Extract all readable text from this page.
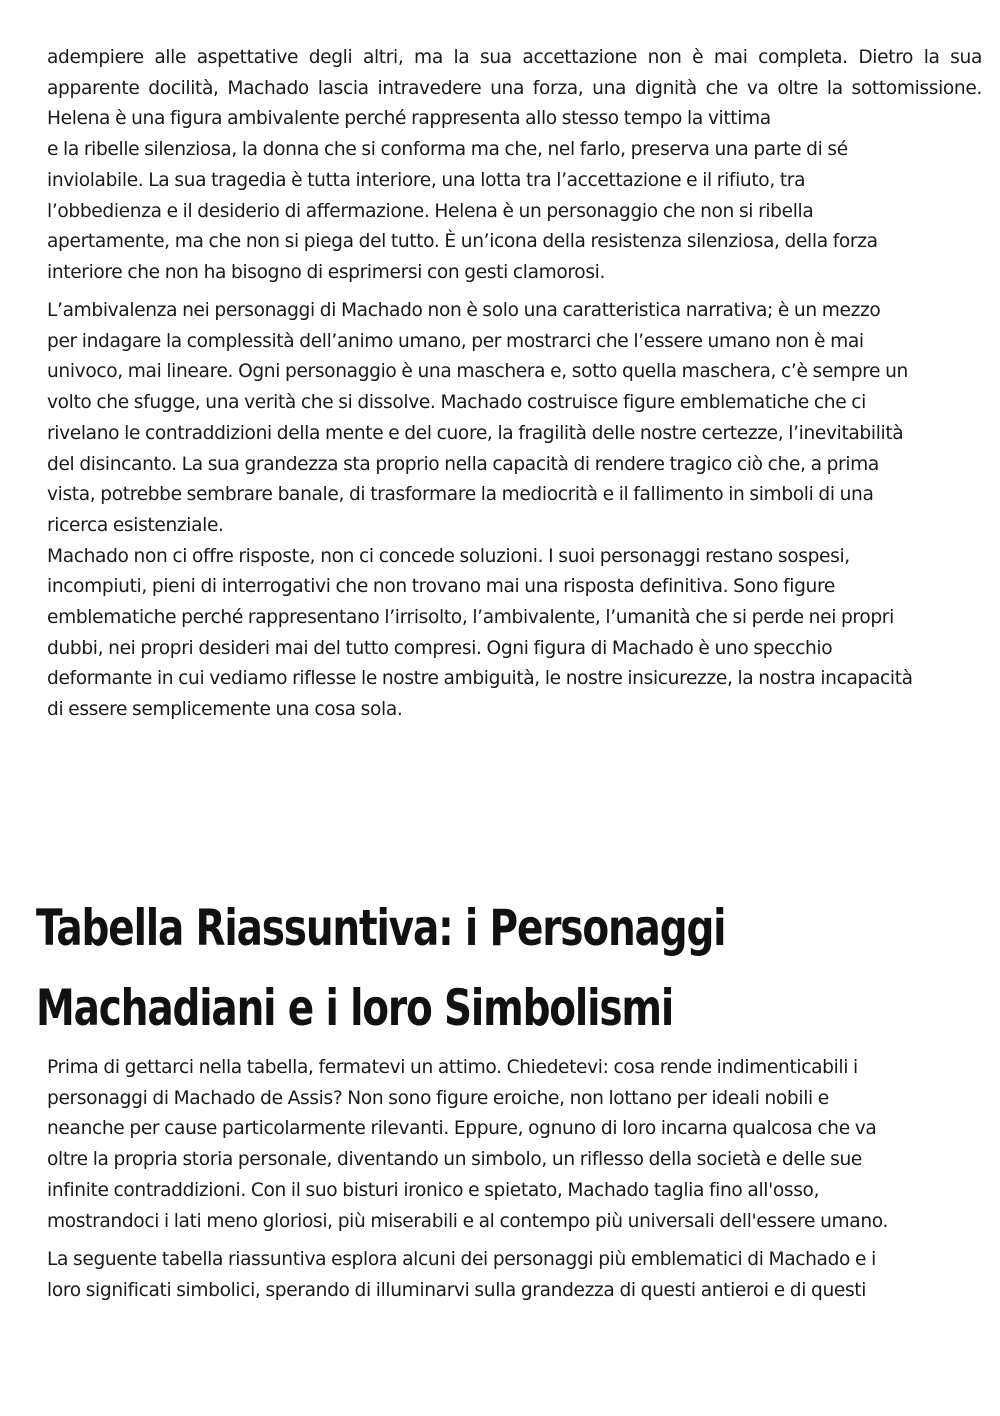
adempiere alle aspettative degli altri, ma la sua accettazione non è mai completa. Dietro la sua
apparente docilità, Machado lascia intravedere una forza, una dignità che va oltre la sottomissione.
Helena è una figura ambivalente perché rappresenta allo stesso tempo la vittima
e la ribelle silenziosa, la donna che si conforma ma che, nel farlo, preserva una parte di sé
inviolabile. La sua tragedia è tutta interiore, una lotta tra l’accettazione e il rifiuto, tra
l’obbedienza e il desiderio di affermazione. Helena è un personaggio che non si ribella
apertamente, ma che non si piega del tutto. È un’icona della resistenza silenziosa, della forza
interiore che non ha bisogno di esprimersi con gesti clamorosi.

L’ambivalenza nei personaggi di Machado non è solo una caratteristica narrativa; è un mezzo
per indagare la complessità dell’animo umano, per mostrarci che l’essere umano non è mai
univoco, mai lineare. Ogni personaggio è una maschera e, sotto quella maschera, c’è sempre un
volto che sfugge, una verità che si dissolve. Machado costruisce figure emblematiche che ci
rivelano le contraddizioni della mente e del cuore, la fragilità delle nostre certezze, l’inevitabilità
del disincanto. La sua grandezza sta proprio nella capacità di rendere tragico ciò che, a prima
vista, potrebbe sembrare banale, di trasformare la mediocrità e il fallimento in simboli di una
ricerca esistenziale.
Machado non ci offre risposte, non ci concede soluzioni. I suoi personaggi restano sospesi,
incompiuti, pieni di interrogativi che non trovano mai una risposta definitiva. Sono figure
emblematiche perché rappresentano l’irrisolto, l’ambivalente, l’umanità che si perde nei propri
dubbi, nei propri desideri mai del tutto compresi. Ogni figura di Machado è uno specchio
deformante in cui vediamo riflesse le nostre ambiguità, le nostre insicurezze, la nostra incapacità
di essere semplicemente una cosa sola.

Tabella Riassuntiva: i Personaggi
Machadiani e i loro Simbolismi

Prima di gettarci nella tabella, fermatevi un attimo. Chiedetevi: cosa rende indimenticabili i
personaggi di Machado de Assis? Non sono figure eroiche, non lottano per ideali nobili e
neanche per cause particolarmente rilevanti. Eppure, ognuno di loro incarna qualcosa che va
oltre la propria storia personale, diventando un simbolo, un riflesso della società e delle sue
infinite contraddizioni. Con il suo bisturi ironico e spietato, Machado taglia fino all'osso,
mostrandoci i lati meno gloriosi, più miserabili e al contempo più universali dell'essere umano.

La seguente tabella riassuntiva esplora alcuni dei personaggi più emblematici di Machado e i
loro significati simbolici, sperando di illuminarvi sulla grandezza di questi antieroi e di questi
